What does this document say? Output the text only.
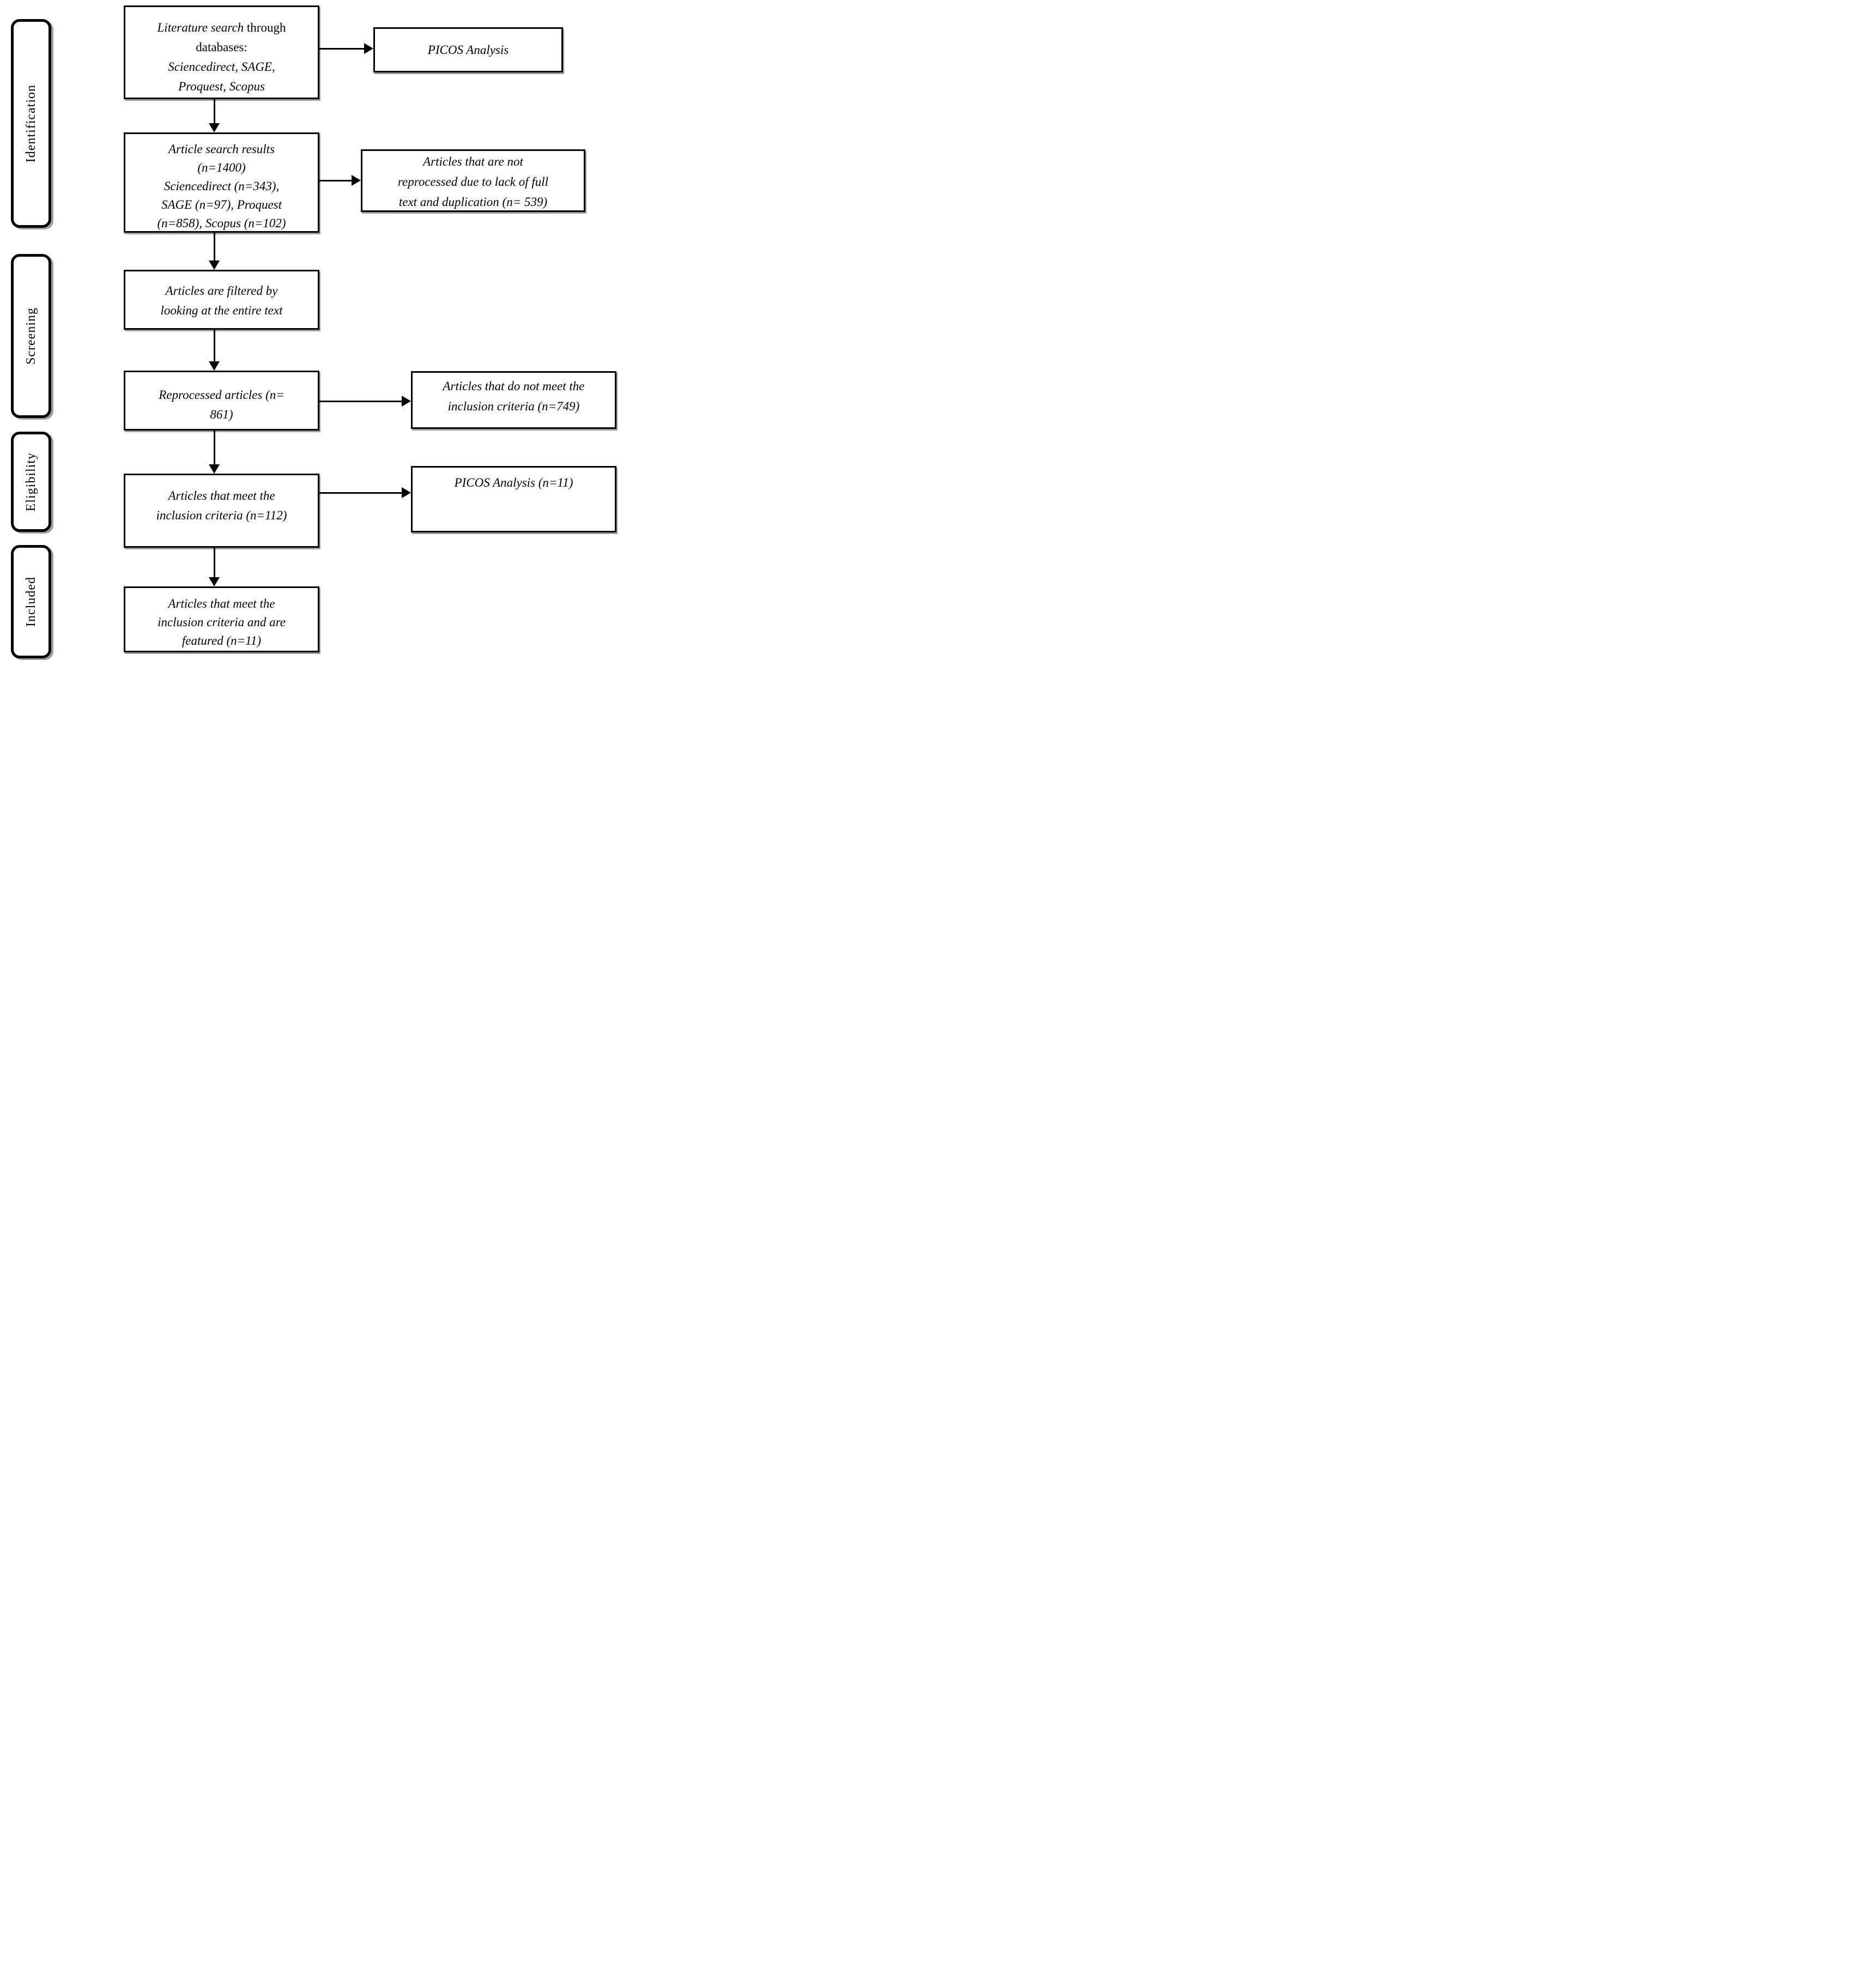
Identification
Screening
Eligibility
Included
Literature search through
databases:
Sciencedirect, SAGE,
Proquest, Scopus
Article search results
(n=1400)
Sciencedirect (n=343),
SAGE (n=97), Proquest
(n=858), Scopus (n=102)
Articles are filtered by
looking at the entire text
Reprocessed articles (n=
861)
Articles that meet the
inclusion criteria (n=112)
Articles that meet the
inclusion criteria and are
featured (n=11)
PICOS Analysis
Articles that are not
reprocessed due to lack of full
text and duplication (n= 539)
Articles that do not meet the
inclusion criteria (n=749)
PICOS Analysis (n=11)
